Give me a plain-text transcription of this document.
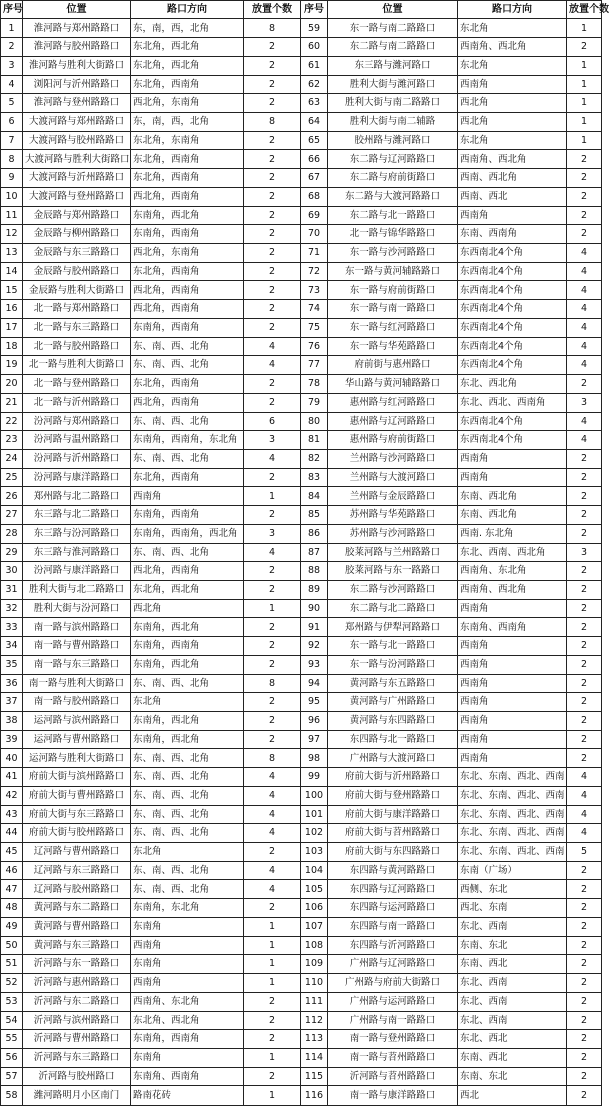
序号	位置	路口方向	放置个数
1	淮河路与郑州路路口	东，南，西，北角	8
2	淮河路与胶州路路口	东北角，西北角	2
3	淮河路与胜利大街路口	东北角，西北角	2
4	浏阳河与沂州路路口	东北角，西南角	2
5	淮河路与登州路路口	西北角，东南角	2
6	大渡河路与郑州路路口	东，南，西，北角	8
7	大渡河路与胶州路路口	东北角，东南角	2
8	大渡河路与胜利大街路口	东北角，西南角	2
9	大渡河路与沂州路路口	东北角，西南角	2
10	大渡河路与登州路路口	西北角，西南角	2
11	金辰路与郑州路路口	东南角，西北角	2
12	金辰路与柳州路路口	东南角，西南角	2
13	金辰路与东三路路口	西北角，东南角	2
14	金辰路与胶州路路口	东北角，西南角	2
15	金辰路与胜利大街路口	西北角，西南角	2
16	北一路与郑州路路口	西北角，西南角	2
17	北一路与东三路路口	东南角，西南角	2
18	北一路与胶州路路口	东、南、西、北角	4
19	北一路与胜利大街路口	东、南、西、北角	4
20	北一路与登州路路口	东北角，西南角	2
21	北一路与沂州路路口	西北角，西南角	2
22	汾河路与郑州路路口	东、南、西、北角	6
23	汾河路与温州路路口	东南角，西南角，东北角	3
24	汾河路与沂州路路口	东、南、西、北角	4
25	汾河路与康洋路路口	东北角，西南角	2
26	郑州路与北二路路口	西南角	1
27	东三路与北二路路口	东南角，西南角	2
28	东三路与汾河路路口	东南角，西南角，西北角	3
29	东三路与淮河路路口	东、南、西、北角	4
30	汾河路与康洋路路口	西北角，西南角	2
31	胜利大街与北二路路口	东北角，西北角	2
32	胜利大街与汾河路口	西北角	1
33	南一路与滨州路路口	东南角，西北角	2
34	南一路与曹州路路口	东南角，西南角	2
35	南一路与东三路路口	东南角，西北角	2
36	南一路与胜利大街路口	东、南、西、北角	8
37	南一路与胶州路路口	东北角	2
38	运河路与滨州路路口	东南角，西北角	2
39	运河路与曹州路路口	东南角，西北角	2
40	运河路与胜利大街路口	东、南、西、北角	8
41	府前大街与滨州路路口	东、南、西、北角	4
42	府前大街与曹州路路口	东、南、西、北角	4
43	府前大街与东三路路口	东、南、西、北角	4
44	府前大街与胶州路路口	东、南、西、北角	4
45	辽河路与曹州路路口	东北角	2
46	辽河路与东三路路口	东、南、西、北角	4
47	辽河路与胶州路路口	东、南、西、北角	4
48	黄河路与东二路路口	东南角，东北角	2
49	黄河路与曹州路路口	东南角	1
50	黄河路与东三路路口	西南角	1
51	沂河路与东一路路口	东南角	1
52	沂河路与惠州路路口	西南角	1
53	沂河路与东二路路口	西南角、东北角	2
54	沂河路与滨州路路口	东北角、西北角	2
55	沂河路与曹州路路口	东南角，西南角	2
56	沂河路与东三路路口	东南角	1
57	沂河路与胶州路口	东南角、西南角	2
58	潍河路明月小区南门	路南花砖	1
序号	位置	路口方向	放置个数
59	东一路与南二路路口	东北角	1
60	东二路与南二路路口	西南角、西北角	2
61	东三路与潍河路口	东北角	1
62	胜利大街与潍河路口	西南角	1
63	胜利大街与南二路路口	西北角	1
64	胜利大街与南二辅路	西北角	1
65	胶州路与潍河路口	东北角	1
66	东二路与辽河路路口	西南角、西北角	2
67	东二路与府前街路口	西南、西北角	2
68	东二路与大渡河路路口	西南、西北	2
69	东二路与北一路路口	西南角	2
70	北一路与锦华路路口	东南、西南角	2
71	东一路与沙河路路口	东西南北4个角	4
72	东一路与黄河辅路路口	东西南北4个角	4
73	东一路与府前街路口	东西南北4个角	4
74	东一路与南一路路口	东西南北4个角	4
75	东一路与红河路路口	东西南北4个角	4
76	东一路与华苑路路口	东西南北4个角	4
77	府前街与惠州路口	东西南北4个角	4
78	华山路与黄河辅路路口	东北、西北角	2
79	惠州路与红河路路口	东北、西北、西南角	3
80	惠州路与辽河路路口	东西南北4个角	4
81	惠州路与府前街路口	东西南北4个角	4
82	兰州路与沙河路路口	西南角	2
83	兰州路与大渡河路口	西南角	2
84	兰州路与金辰路路口	东南、西北角	2
85	苏州路与华苑路路口	东南、西北角	2
86	苏州路与沙河路路口	西南. 东北角	2
87	胶莱河路与兰州路路口	东北、西南、西北角	3
88	胶莱河路与东一路路口	西南角、东北角	2
89	东二路与沙河路路口	西南角、西北角	2
90	东二路与北二路路口	西南角	2
91	郑州路与伊犁河路路口	东南角、西南角	2
92	东一路与北一路路口	西南角	2
93	东一路与汾河路路口	西南角	2
94	黄河路与东五路路口	西南角	2
95	黄河路与广州路路口	西南角	2
96	黄河路与东四路路口	西南角	2
97	东四路与北一路路口	西南角	2
98	广州路与大渡河路口	西南角	2
99	府前大街与沂州路路口	东北、东南、西北、西南	4
100	府前大街与登州路路口	东北、东南、西北、西南	4
101	府前大街与康洋路路口	东北、东南、西北、西南	4
102	府前大街与苕州路路口	东北、东南、西北、西南	4
103	府前大街与东四路路口	东北、东南、西北、西南	5
104	东四路与黄河路路口	东南（广场）	2
105	东四路与辽河路路口	西侧、东北	2
106	东四路与运河路路口	西北、东南	2
107	东四路与南一路路口	东北、西南	2
108	东四路与沂河路路口	东南、东北	2
109	广州路与辽河路路口	东南、西北	2
110	广州路与府前大街路口	东北、西南	2
111	广州路与运河路路口	东北、西南	2
112	广州路与南一路路口	东北、西南	2
113	南一路与登州路路口	东北、西北	2
114	南一路与苕州路路口	东南、西北	2
115	沂河路与苕州路路口	东南、东北	2
116	南一路与康洋路路口	西北	2
